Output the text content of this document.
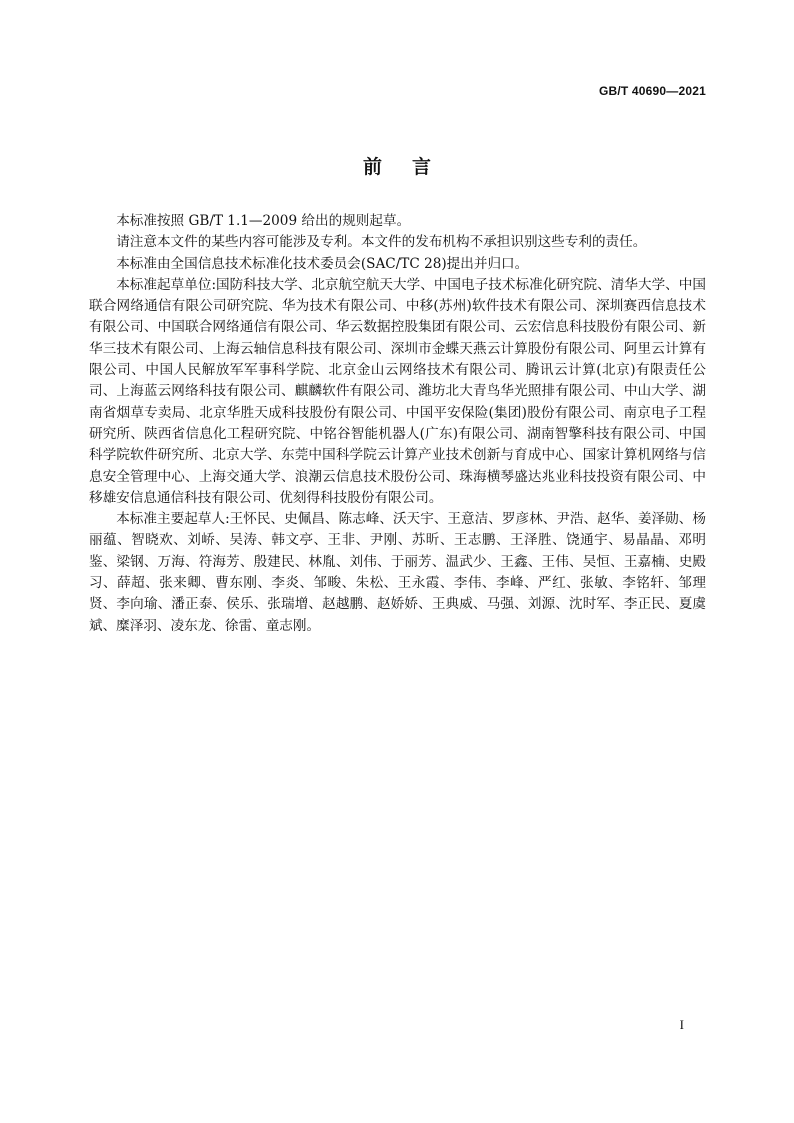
GB/T 40690—2021
前言

本标准按照 GB/T 1.1—2009 给出的规则起草。

请注意本文件的某些内容可能涉及专利。本文件的发布机构不承担识别这些专利的责任。

本标准由全国信息技术标准化技术委员会(SAC/TC 28)提出并归口。

本标准起草单位:国防科技大学、北京航空航天大学、中国电子技术标准化研究院、清华大学、中国联合网络通信有限公司研究院、华为技术有限公司、中移(苏州)软件技术有限公司、深圳赛西信息技术有限公司、中国联合网络通信有限公司、华云数据控股集团有限公司、云宏信息科技股份有限公司、新华三技术有限公司、上海云轴信息科技有限公司、深圳市金蝶天燕云计算股份有限公司、阿里云计算有限公司、中国人民解放军军事科学院、北京金山云网络技术有限公司、腾讯云计算(北京)有限责任公司、上海蓝云网络科技有限公司、麒麟软件有限公司、潍坊北大青鸟华光照排有限公司、中山大学、湖南省烟草专卖局、北京华胜天成科技股份有限公司、中国平安保险(集团)股份有限公司、南京电子工程研究所、陕西省信息化工程研究院、中铭谷智能机器人(广东)有限公司、湖南智擎科技有限公司、中国科学院软件研究所、北京大学、东莞中国科学院云计算产业技术创新与育成中心、国家计算机网络与信息安全管理中心、上海交通大学、浪潮云信息技术股份公司、珠海横琴盛达兆业科技投资有限公司、中移雄安信息通信科技有限公司、优刻得科技股份有限公司。

本标准主要起草人:王怀民、史佩昌、陈志峰、沃天宇、王意洁、罗彦林、尹浩、赵华、姜泽勋、杨丽蕴、智晓欢、刘峤、吴涛、韩文亭、王非、尹刚、苏昕、王志鹏、王泽胜、饶通宇、易晶晶、邓明鉴、梁钢、万海、符海芳、殷建民、林胤、刘伟、于丽芳、温武少、王鑫、王伟、吴恒、王嘉楠、史殿习、薛超、张来卿、曹东刚、李炎、邹畯、朱松、王永霞、李伟、李峰、严红、张敏、李铭轩、邹理贤、李向瑜、潘正泰、侯乐、张瑞增、赵越鹏、赵娇娇、王典威、马强、刘源、沈时军、李正民、夏虞斌、糜泽羽、凌东龙、徐雷、童志刚。

I
